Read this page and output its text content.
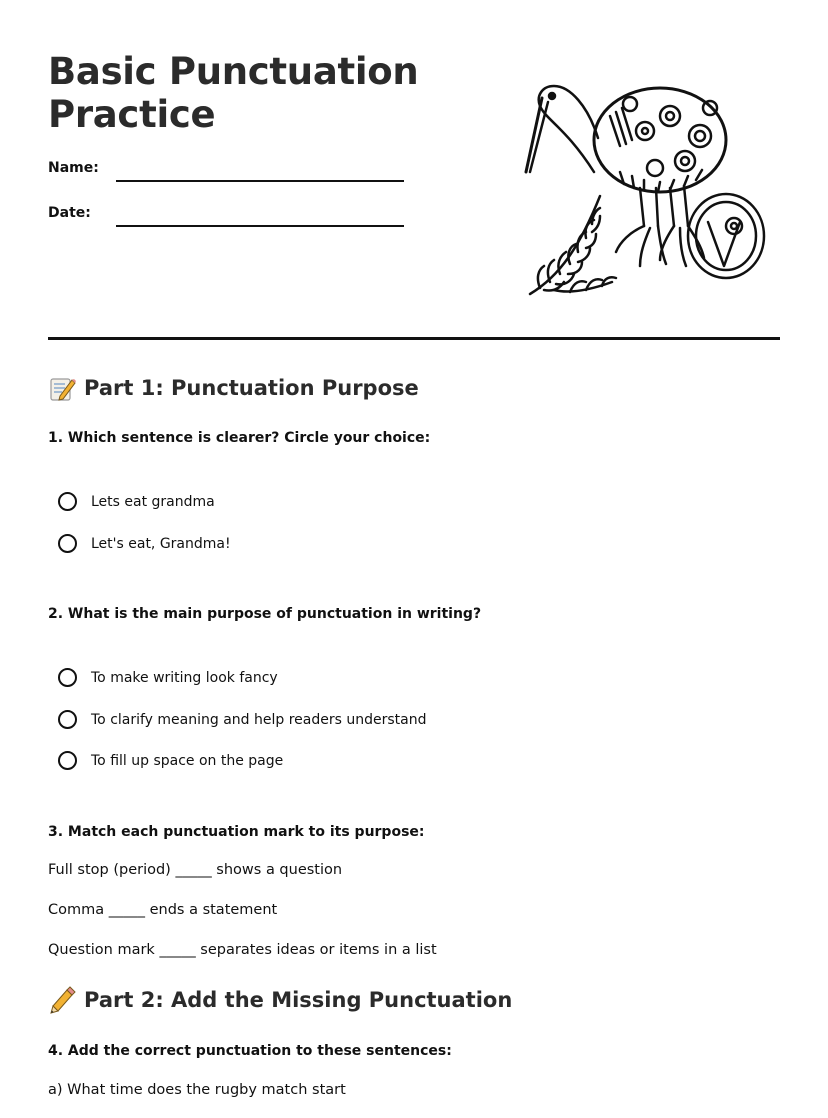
Basic Punctuation
Practice
Name:
Date:
Part 1: Punctuation Purpose
1. Which sentence is clearer? Circle your choice:
Lets eat grandma
Let's eat, Grandma!
2. What is the main purpose of punctuation in writing?
To make writing look fancy
To clarify meaning and help readers understand
To fill up space on the page
3. Match each punctuation mark to its purpose:
Full stop (period) _____ shows a question
Comma _____ ends a statement
Question mark _____ separates ideas or items in a list
Part 2: Add the Missing Punctuation
4. Add the correct punctuation to these sentences:
a) What time does the rugby match start
